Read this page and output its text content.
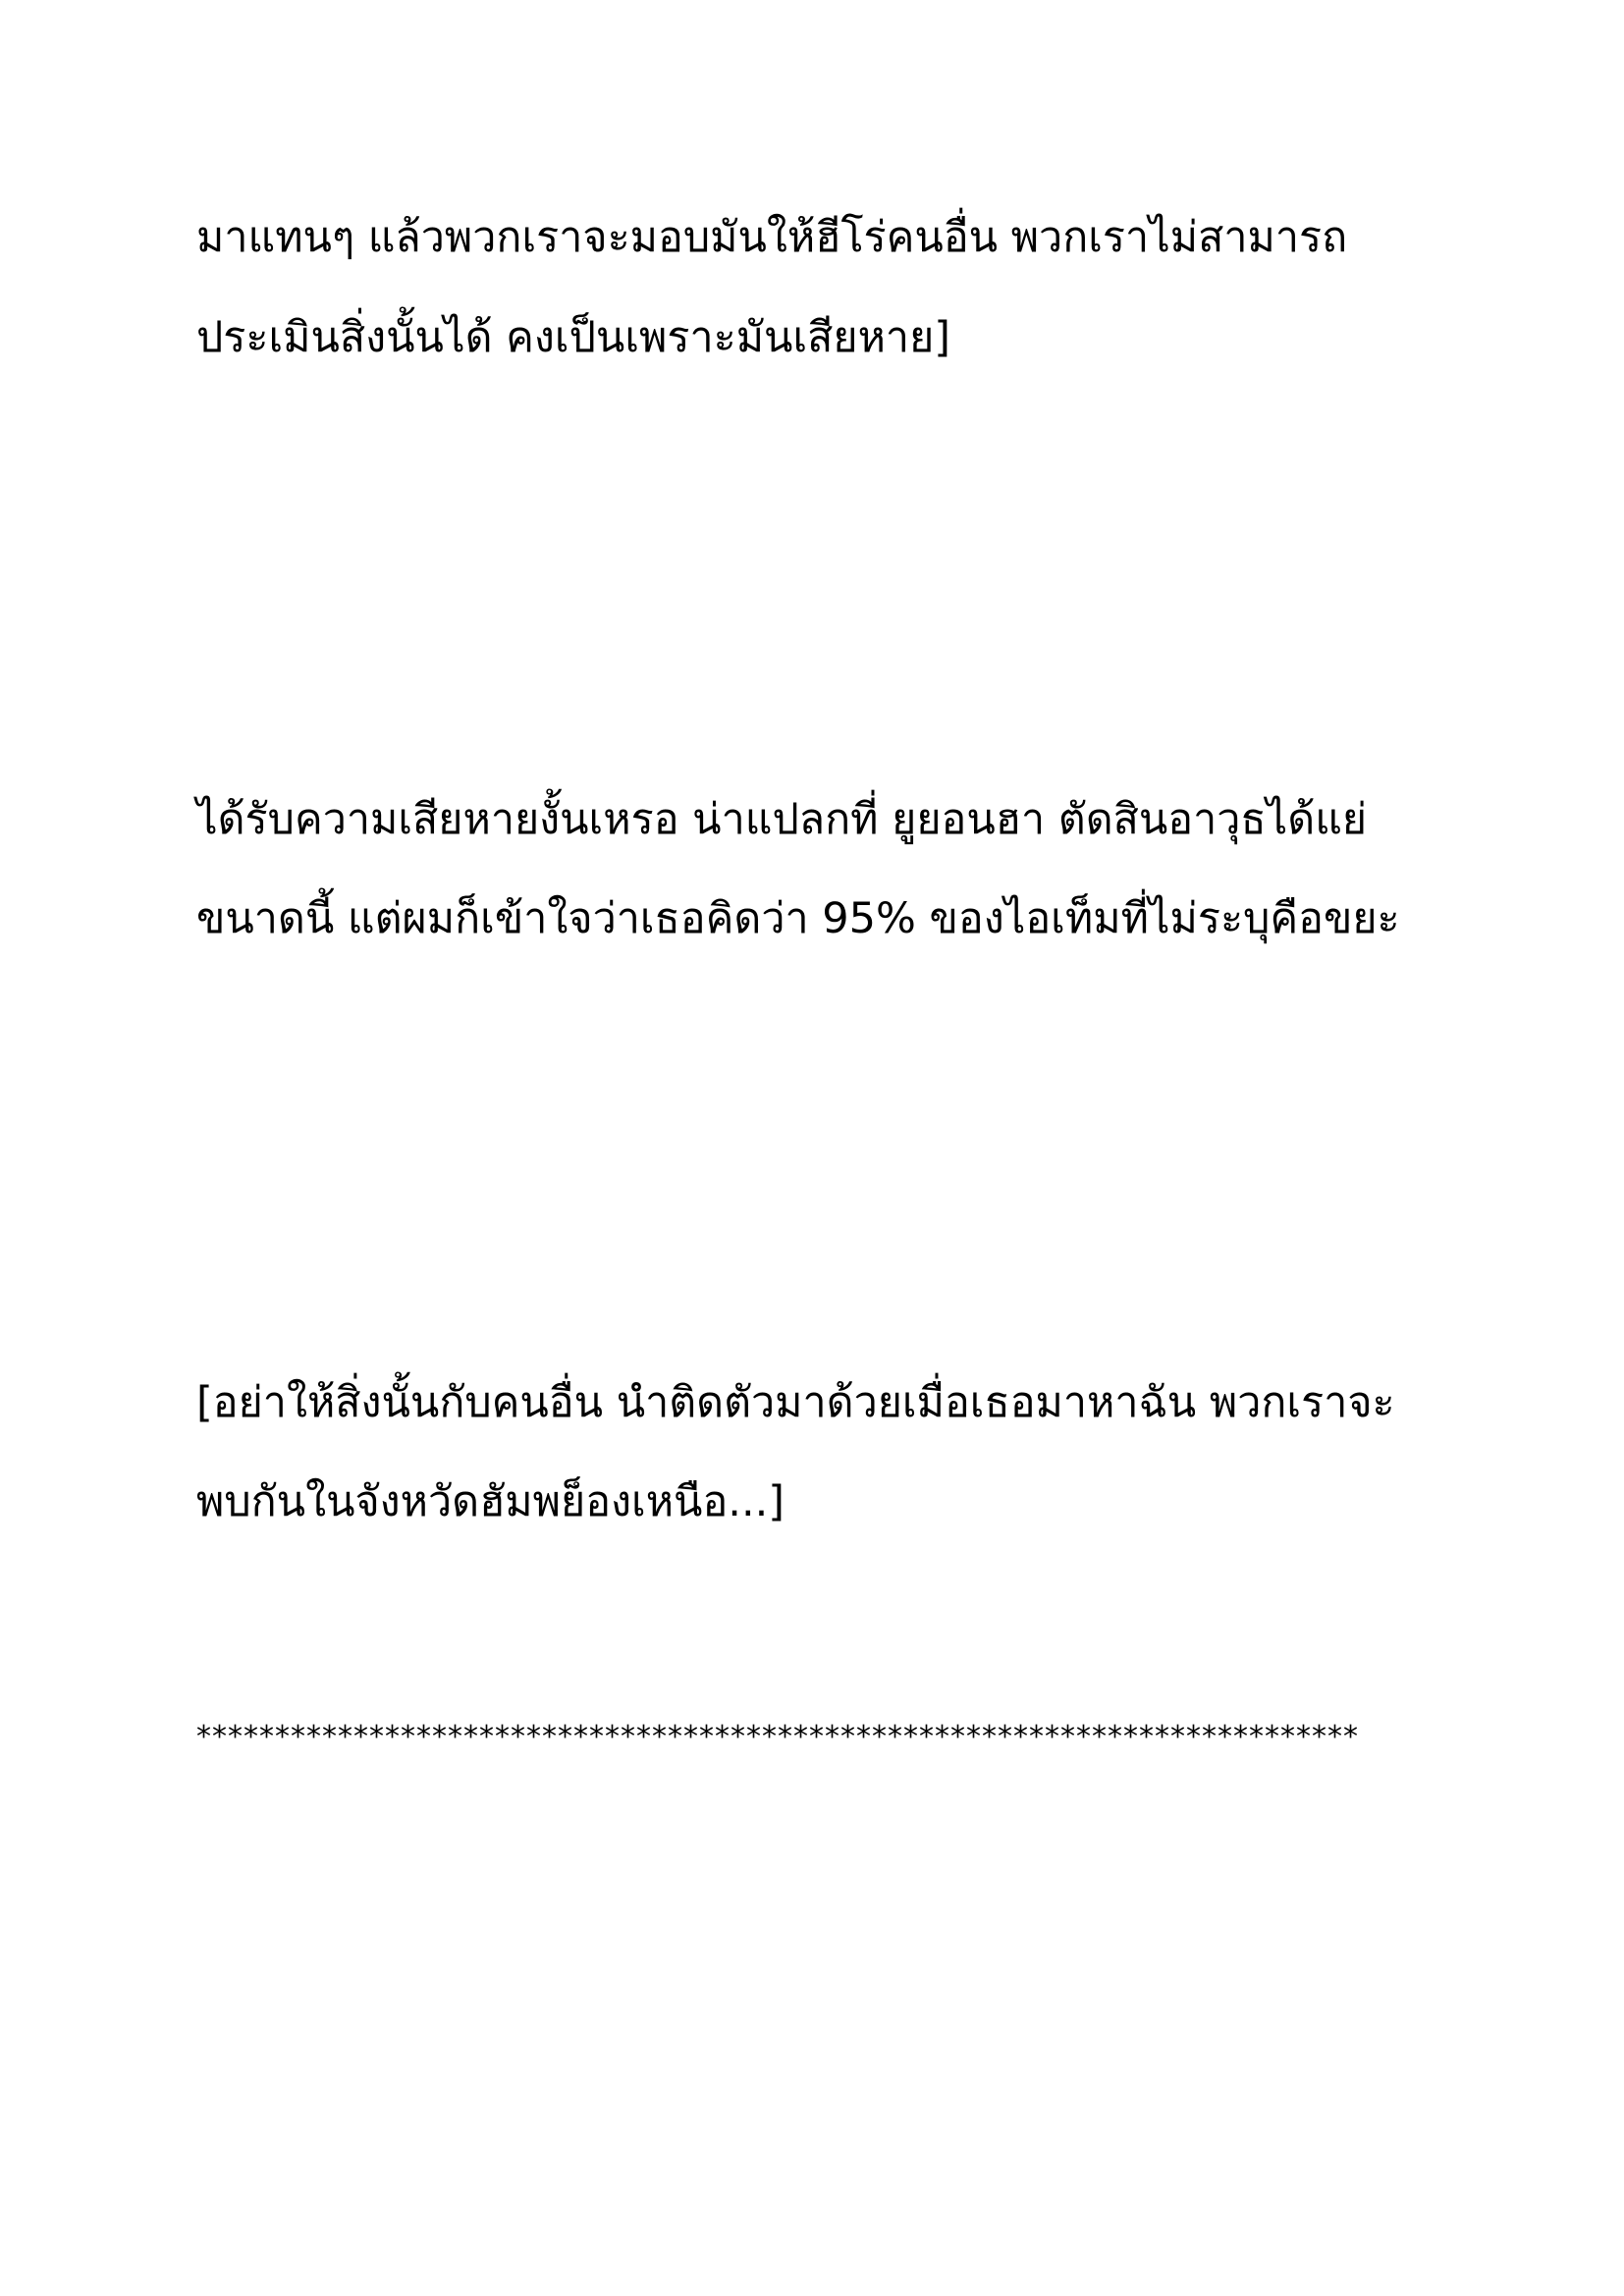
มาแทนๆ แล้วพวกเราจะมอบมันให้ฮีโร่คนอื่น พวกเราไม่สามารถ
ประเมินสิ่งนั้นได้ คงเป็นเพราะมันเสียหาย]
ได้รับความเสียหายงั้นเหรอ น่าแปลกที่ ยูยอนฮา ตัดสินอาวุธได้แย่
ขนาดนี้ แต่ผมก็เข้าใจว่าเธอคิดว่า 95% ของไอเท็มที่ไม่ระบุคือขยะ
[อย่าให้สิ่งนั้นกับคนอื่น นำติดตัวมาด้วยเมื่อเธอมาหาฉัน พวกเราจะ
พบกันในจังหวัดฮัมพย็องเหนือ...]
**************************************************************************
